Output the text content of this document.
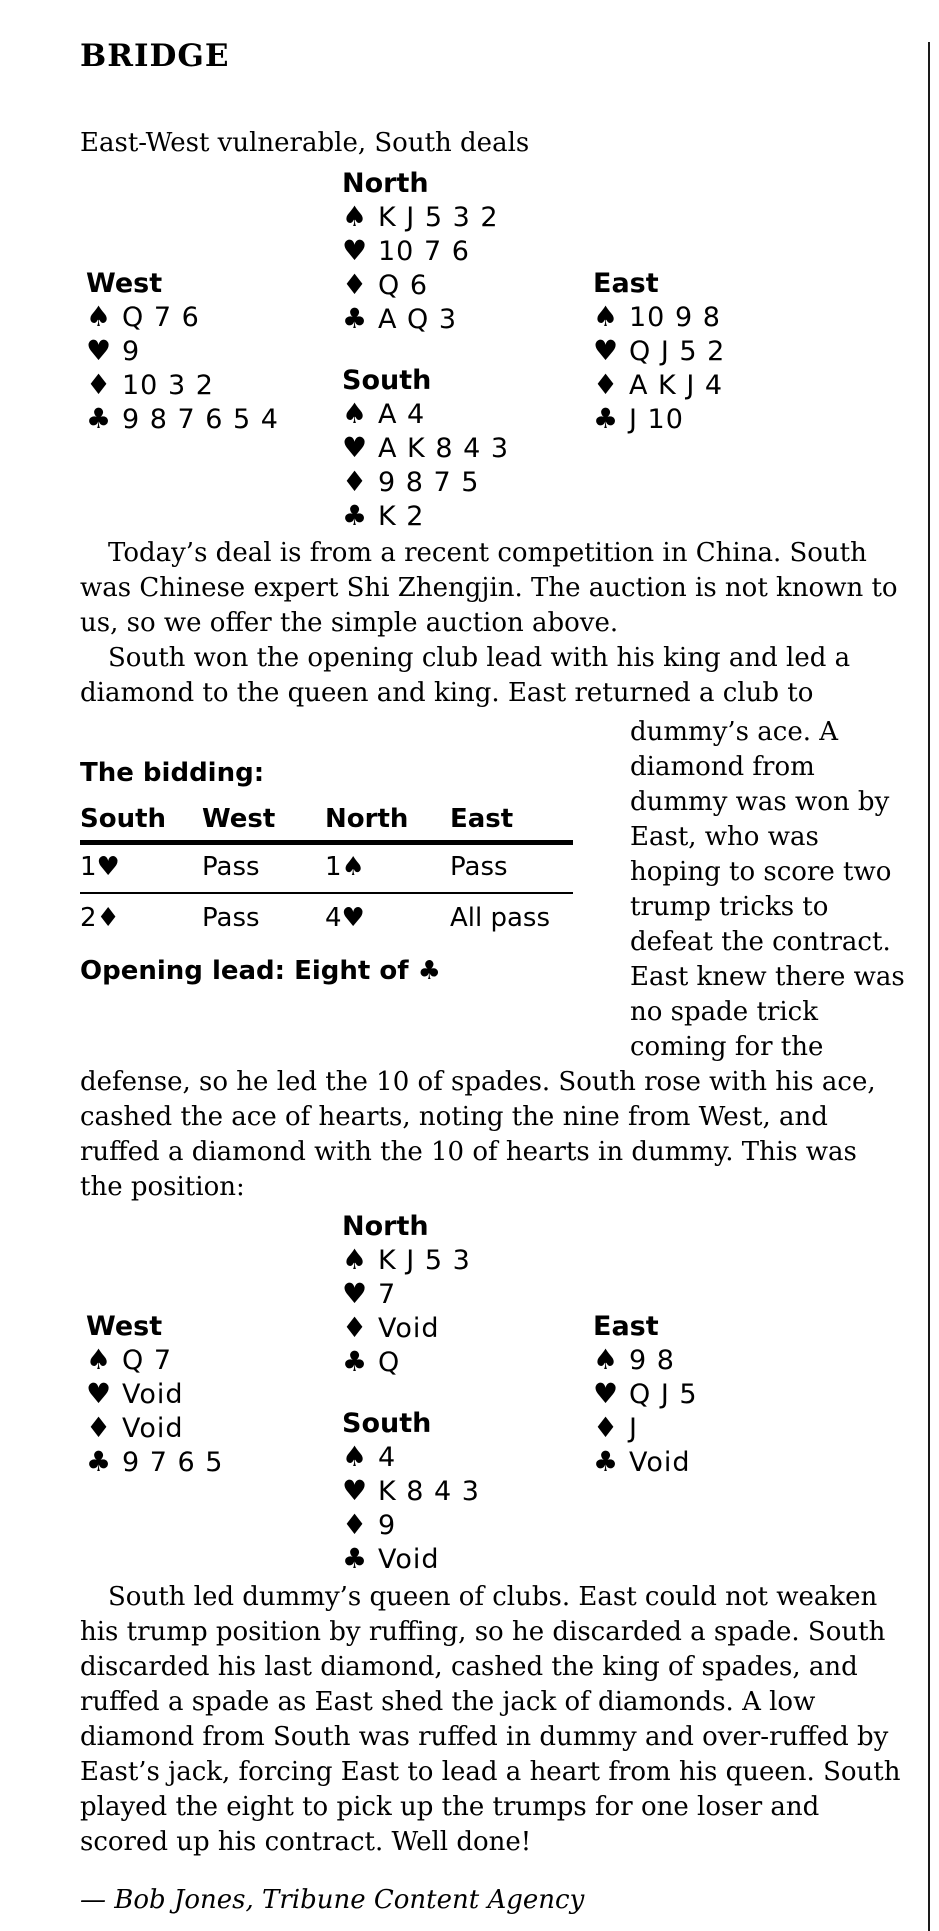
BRIDGE

East-West vulnerable, South deals

North
♠ K J 5 3 2
♥ 10 7 6
♦ Q 6
♣ A Q 3
West
♠ Q 7 6
♥ 9
♦ 10 3 2
♣ 9 8 7 6 5 4
East
♠ 10 9 8
♥ Q J 5 2
♦ A K J 4
♣ J 10
South
♠ A 4
♥ A K 8 4 3
♦ 9 8 7 5
♣ K 2

Today’s deal is from a recent competition in China. South was Chinese expert Shi Zhengjin. The auction is not known to us, so we offer the simple auction above.

South won the opening club lead with his king and led a diamond to the queen and king. East returned a club to

The bidding:
South	West	North	East
1♥	Pass	1♠	Pass
2♦	Pass	4♥	All pass
Opening lead: Eight of ♣

dummy’s ace. A diamond from dummy was won by East, who was hoping to score two trump tricks to defeat the contract. East knew there was no spade trick coming for the defense, so he led the 10 of spades. South rose with his ace, cashed the ace of hearts, noting the nine from West, and ruffed a diamond with the 10 of hearts in dummy. This was the position:

North
♠ K J 5 3
♥ 7
♦ Void
♣ Q
West
♠ Q 7
♥ Void
♦ Void
♣ 9 7 6 5
East
♠ 9 8
♥ Q J 5
♦ J
♣ Void
South
♠ 4
♥ K 8 4 3
♦ 9
♣ Void

South led dummy’s queen of clubs. East could not weaken his trump position by ruffing, so he discarded a spade. South discarded his last diamond, cashed the king of spades, and ruffed a spade as East shed the jack of diamonds. A low diamond from South was ruffed in dummy and over-ruffed by East’s jack, forcing East to lead a heart from his queen. South played the eight to pick up the trumps for one loser and scored up his contract. Well done!

— Bob Jones, Tribune Content Agency
